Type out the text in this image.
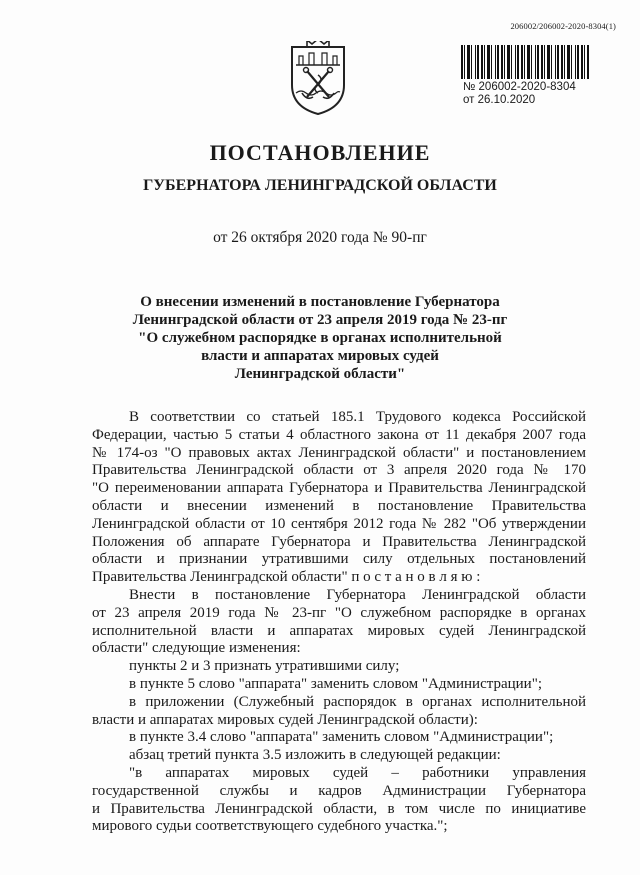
206002/206002-2020-8304(1)
№ 206002-2020-8304
от 26.10.2020
ПОСТАНОВЛЕНИЕ
ГУБЕРНАТОРА ЛЕНИНГРАДСКОЙ ОБЛАСТИ
от 26 октября 2020 года № 90-пг
О внесении изменений в постановление Губернатора
Ленинградской области от 23 апреля 2019 года № 23-пг
"О служебном распорядке в органах исполнительной
власти и аппаратах мировых судей
Ленинградской области"
В соответствии со статьей 185.1 Трудового кодекса Российской
Федерации, частью 5 статьи 4 областного закона от 11 декабря 2007 года
№ 174-оз "О правовых актах Ленинградской области" и постановлением
Правительства Ленинградской области от 3 апреля 2020 года № 170
"О переименовании аппарата Губернатора и Правительства Ленинградской
области и внесении изменений в постановление Правительства
Ленинградской области от 10 сентября 2012 года № 282 "Об утверждении
Положения об аппарате Губернатора и Правительства Ленинградской
области и признании утратившими силу отдельных постановлений
Правительства Ленинградской области" п о с т а н о в л я ю :
Внести в постановление Губернатора Ленинградской области
от 23 апреля 2019 года № 23-пг "О служебном распорядке в органах
исполнительной власти и аппаратах мировых судей Ленинградской
области" следующие изменения:
пункты 2 и 3 признать утратившими силу;
в пункте 5 слово "аппарата" заменить словом "Администрации";
в приложении (Служебный распорядок в органах исполнительной
власти и аппаратах мировых судей Ленинградской области):
в пункте 3.4 слово "аппарата" заменить словом "Администрации";
абзац третий пункта 3.5 изложить в следующей редакции:
"в аппаратах мировых судей – работники управления
государственной службы и кадров Администрации Губернатора
и Правительства Ленинградской области, в том числе по инициативе
мирового судьи соответствующего судебного участка.";
